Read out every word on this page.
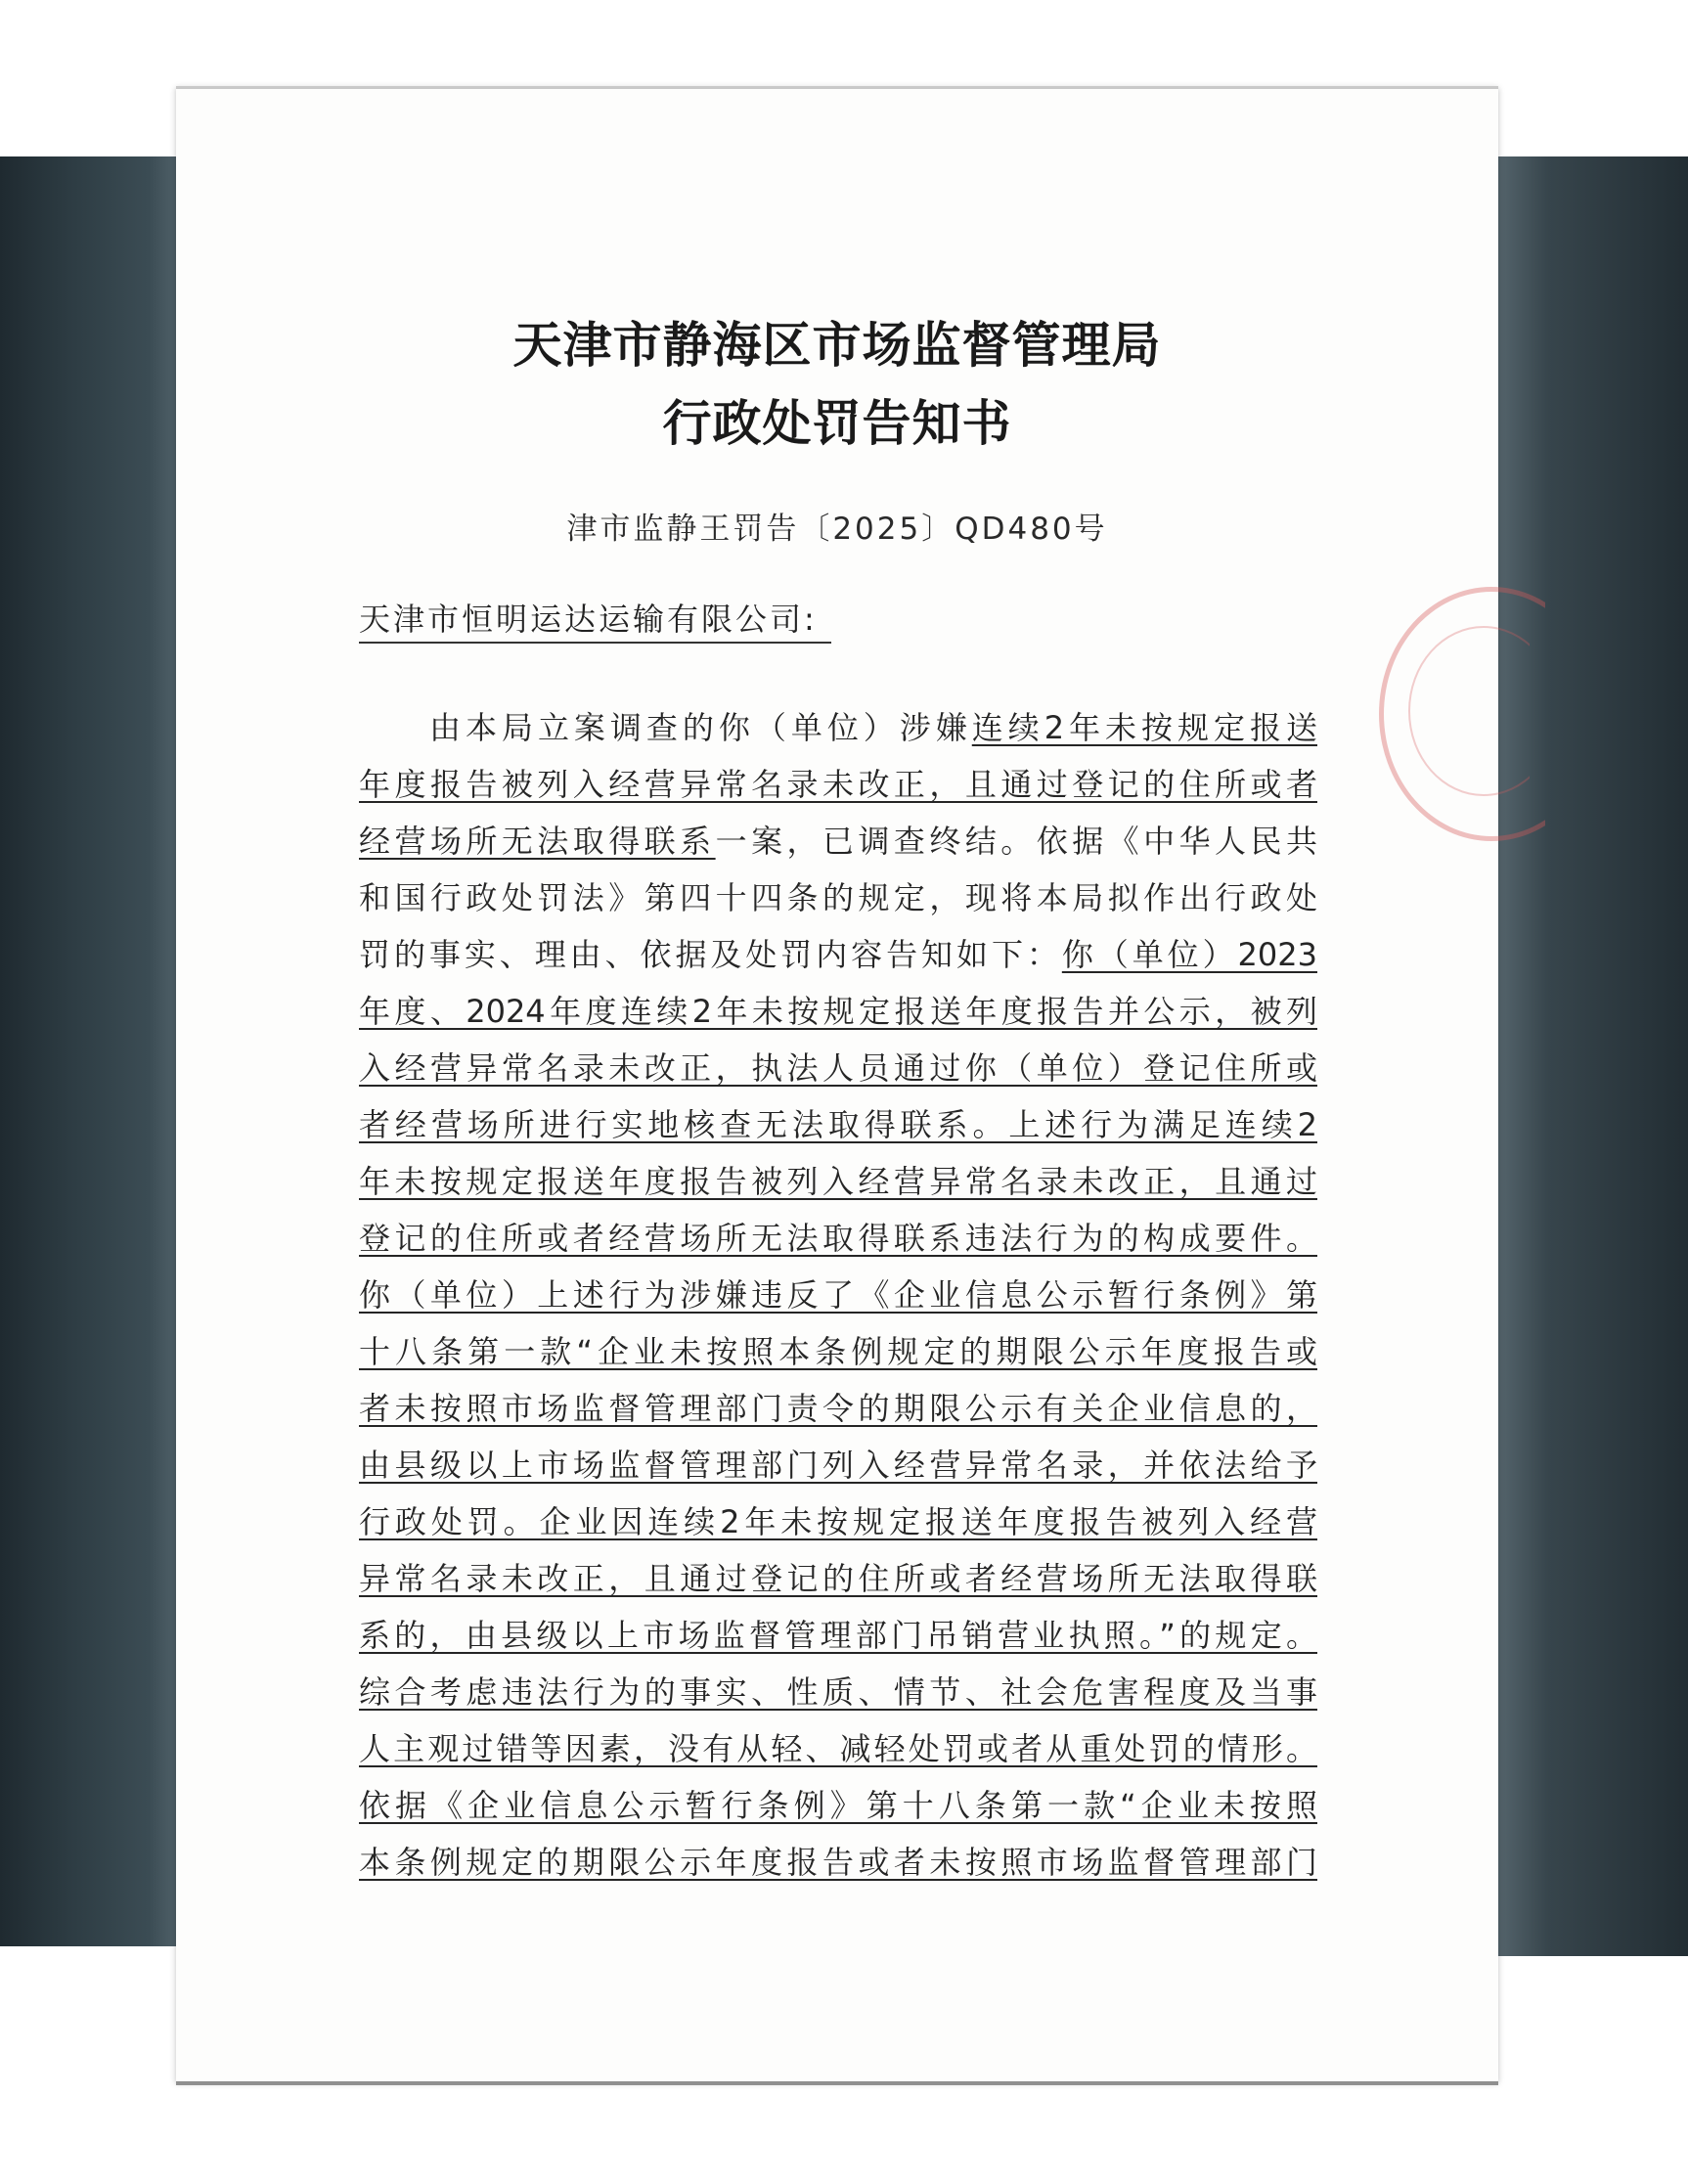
天津市静海区市场监督管理局
行政处罚告知书
津市监静王罚告〔2025〕QD480号
天津市恒明运达运输有限公司:
由本局立案调查的你（单位）涉嫌连续2年未按规定报送
年度报告被列入经营异常名录未改正，且通过登记的住所或者
经营场所无法取得联系一案，已调查终结。依据《中华人民共
和国行政处罚法》第四十四条的规定，现将本局拟作出行政处
罚的事实、理由、依据及处罚内容告知如下：你（单位）2023
年度、2024年度连续2年未按规定报送年度报告并公示，被列
入经营异常名录未改正，执法人员通过你（单位）登记住所或
者经营场所进行实地核查无法取得联系。上述行为满足连续2
年未按规定报送年度报告被列入经营异常名录未改正，且通过
登记的住所或者经营场所无法取得联系违法行为的构成要件。
你（单位）上述行为涉嫌违反了《企业信息公示暂行条例》第
十八条第一款“企业未按照本条例规定的期限公示年度报告或
者未按照市场监督管理部门责令的期限公示有关企业信息的，
由县级以上市场监督管理部门列入经营异常名录，并依法给予
行政处罚。企业因连续2年未按规定报送年度报告被列入经营
异常名录未改正，且通过登记的住所或者经营场所无法取得联
系的，由县级以上市场监督管理部门吊销营业执照。”的规定。
综合考虑违法行为的事实、性质、情节、社会危害程度及当事
人主观过错等因素，没有从轻、减轻处罚或者从重处罚的情形。
依据《企业信息公示暂行条例》第十八条第一款“企业未按照
本条例规定的期限公示年度报告或者未按照市场监督管理部门
